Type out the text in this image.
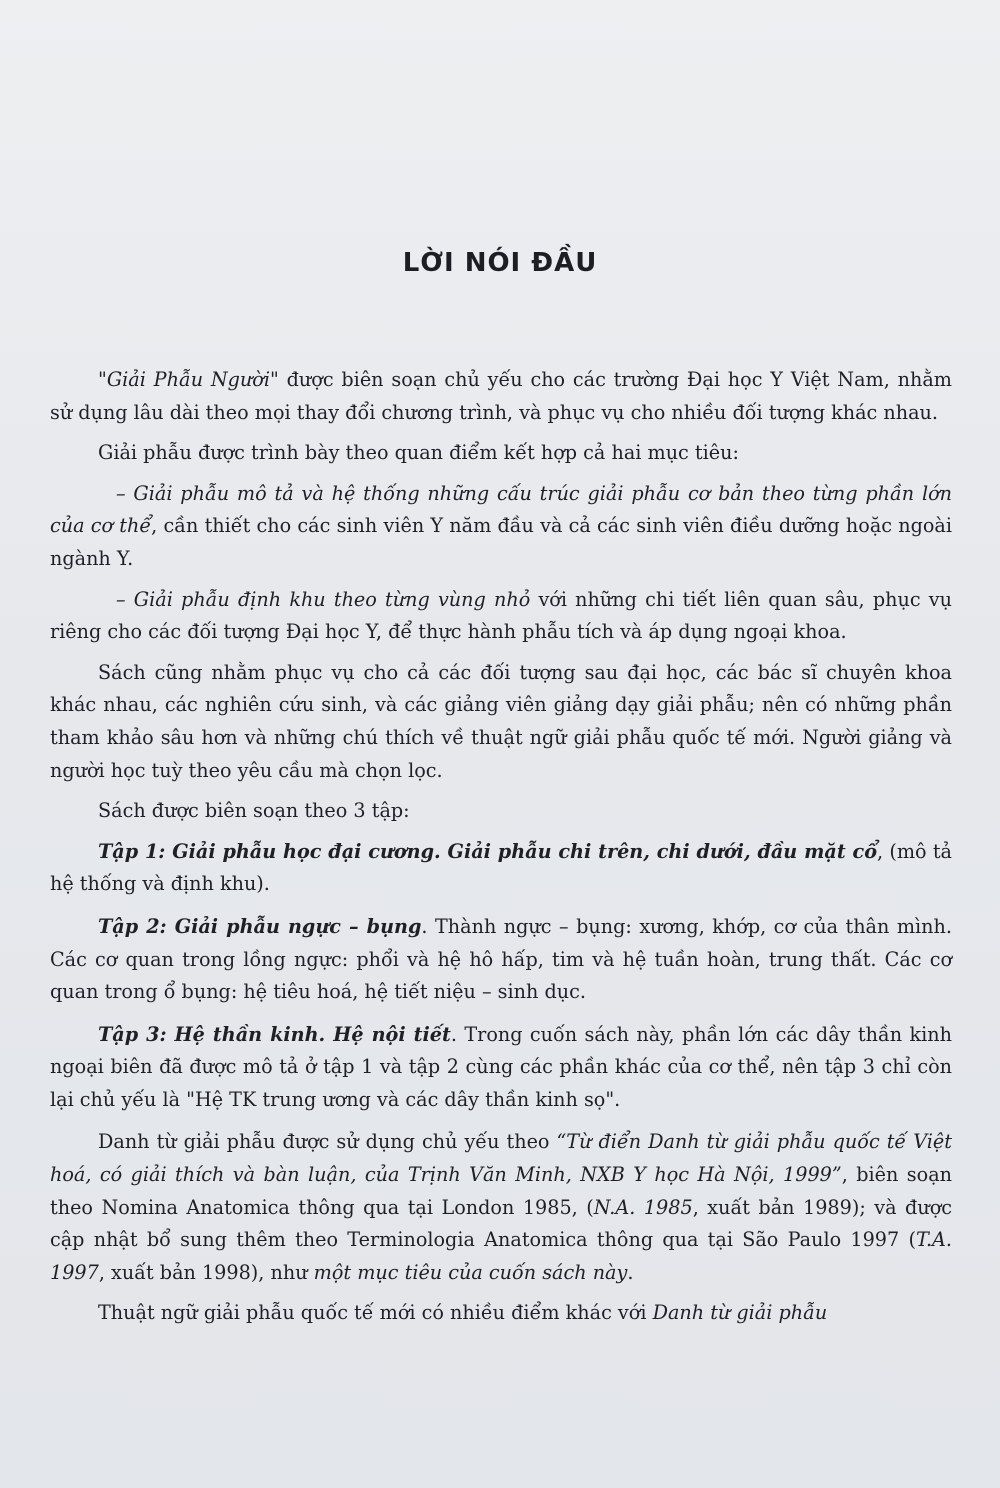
LỜI NÓI ĐẦU

"Giải Phẫu Người" được biên soạn chủ yếu cho các trường Đại học Y Việt Nam, nhằm sử dụng lâu dài theo mọi thay đổi chương trình, và phục vụ cho nhiều đối tượng khác nhau.

Giải phẫu được trình bày theo quan điểm kết hợp cả hai mục tiêu:

– Giải phẫu mô tả và hệ thống những cấu trúc giải phẫu cơ bản theo từng phần lớn của cơ thể, cần thiết cho các sinh viên Y năm đầu và cả các sinh viên điều dưỡng hoặc ngoài ngành Y.

– Giải phẫu định khu theo từng vùng nhỏ với những chi tiết liên quan sâu, phục vụ riêng cho các đối tượng Đại học Y, để thực hành phẫu tích và áp dụng ngoại khoa.

Sách cũng nhằm phục vụ cho cả các đối tượng sau đại học, các bác sĩ chuyên khoa khác nhau, các nghiên cứu sinh, và các giảng viên giảng dạy giải phẫu; nên có những phần tham khảo sâu hơn và những chú thích về thuật ngữ giải phẫu quốc tế mới. Người giảng và người học tuỳ theo yêu cầu mà chọn lọc.

Sách được biên soạn theo 3 tập:

Tập 1: Giải phẫu học đại cương. Giải phẫu chi trên, chi dưới, đầu mặt cổ, (mô tả hệ thống và định khu).

Tập 2: Giải phẫu ngực – bụng. Thành ngực – bụng: xương, khớp, cơ của thân mình. Các cơ quan trong lồng ngực: phổi và hệ hô hấp, tim và hệ tuần hoàn, trung thất. Các cơ quan trong ổ bụng: hệ tiêu hoá, hệ tiết niệu – sinh dục.

Tập 3: Hệ thần kinh. Hệ nội tiết. Trong cuốn sách này, phần lớn các dây thần kinh ngoại biên đã được mô tả ở tập 1 và tập 2 cùng các phần khác của cơ thể, nên tập 3 chỉ còn lại chủ yếu là "Hệ TK trung ương và các dây thần kinh sọ".

Danh từ giải phẫu được sử dụng chủ yếu theo “Từ điển Danh từ giải phẫu quốc tế Việt hoá, có giải thích và bàn luận, của Trịnh Văn Minh, NXB Y học Hà Nội, 1999”, biên soạn theo Nomina Anatomica thông qua tại London 1985, (N.A. 1985, xuất bản 1989); và được cập nhật bổ sung thêm theo Terminologia Anatomica thông qua tại São Paulo 1997 (T.A. 1997, xuất bản 1998), như một mục tiêu của cuốn sách này.

Thuật ngữ giải phẫu quốc tế mới có nhiều điểm khác với Danh từ giải phẫu
